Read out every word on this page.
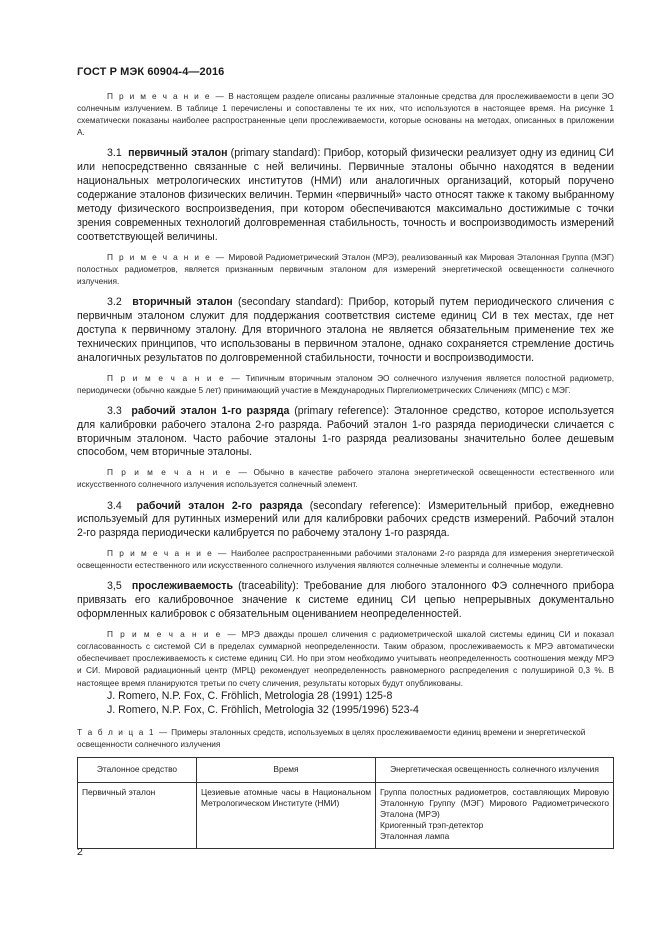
ГОСТ Р МЭК 60904-4—2016

П р и м е ч а н и е — В настоящем разделе описаны различные эталонные средства для прослеживаемости в цепи ЭО солнечным излучением. В таблице 1 перечислены и сопоставлены те их них, что используются в настоящее время. На рисунке 1 схематически показаны наиболее распространенные цепи прослеживаемости, которые основаны на методах, описанных в приложении А.

3.1 первичный эталон (primary standard): Прибор, который физически реализует одну из единиц СИ или непосредственно связанные с ней величины. Первичные эталоны обычно находятся в ведении национальных метрологических институтов (НМИ) или аналогичных организаций, который поручено содержание эталонов физических величин. Термин «первичный» часто относят также к такому выбранному методу физического воспроизведения, при котором обеспечиваются максимально достижимые с точки зрения современных технологий долговременная стабильность, точность и воспроизводимость измерений соответствующей величины.

П р и м е ч а н и е — Мировой Радиометрический Эталон (МРЭ), реализованный как Мировая Эталонная Группа (МЭГ) полостных радиометров, является признанным первичным эталоном для измерений энергетической освещенности солнечного излучения.

3.2 вторичный эталон (secondary standard): Прибор, который путем периодического сличения с первичным эталоном служит для поддержания соответствия системе единиц СИ в тех местах, где нет доступа к первичному эталону. Для вторичного эталона не является обязательным применение тех же технических принципов, что использованы в первичном эталоне, однако сохраняется стремление достичь аналогичных результатов по долговременной стабильности, точности и воспроизводимости.

П р и м е ч а н и е — Типичным вторичным эталоном ЭО солнечного излучения является полостной радиометр, периодически (обычно каждые 5 лет) принимающий участие в Международных Пиргелиометрических Сличениях (МПС) с МЭГ.

3.3 рабочий эталон 1-го разряда (primary reference): Эталонное средство, которое используется для калибровки рабочего эталона 2-го разряда. Рабочий эталон 1-го разряда периодически сличается с вторичным эталоном. Часто рабочие эталоны 1-го разряда реализованы значительно более дешевым способом, чем вторичные эталоны.

П р и м е ч а н и е — Обычно в качестве рабочего эталона энергетической освещенности естественного или искусственного солнечного излучения используется солнечный элемент.

3.4 рабочий эталон 2-го разряда (secondary reference): Измерительный прибор, ежедневно используемый для рутинных измерений или для калибровки рабочих средств измерений. Рабочий эталон 2-го разряда периодически калибруется по рабочему эталону 1-го разряда.

П р и м е ч а н и е — Наиболее распространенными рабочими эталонами 2-го разряда для измерения энергетической освещенности естественного или искусственного солнечного излучения являются солнечные элементы и солнечные модули.

3,5 прослеживаемость (traceability): Требование для любого эталонного ФЭ солнечного прибора привязать его калибровочное значение к системе единиц СИ цепью непрерывных документально оформленных калибровок с обязательным оцениванием неопределенностей.

П р и м е ч а н и е — МРЭ дважды прошел сличения с радиометрической шкалой системы единиц СИ и показал согласованность с системой СИ в пределах суммарной неопределенности. Таким образом, прослеживаемость к МРЭ автоматически обеспечивает прослеживаемость к системе единиц СИ. Но при этом необходимо учитывать неопределенность соотношения между МРЭ и СИ. Мировой радиационный центр (МРЦ) рекомендует неопределенность равномерного распределения с полушириной 0,3 %. В настоящее время планируются третьи по счету сличения, результаты которых будут опубликованы.

J. Romero, N.P. Fox, C. Fröhlich, Metrologia 28 (1991) 125-8

J. Romero, N.P. Fox, C. Fröhlich, Metrologia 32 (1995/1996) 523-4

Т а б л и ц а 1 — Примеры эталонных средств, используемых в целях прослеживаемости единиц времени и энергетической освещенности солнечного излучения

Эталонное средство	Время	Энергетическая освещенность солнечного излучения
Первичный эталон	Цезиевые атомные часы в Национальном Метрологическом Институте (НМИ)	Группа полостных радиометров, составляющих Мировую Эталонную Группу (МЭГ) Мирового Радиометрического Эталона (МРЭ)
Криогенный трэп-детектор
Эталонная лампа
2
